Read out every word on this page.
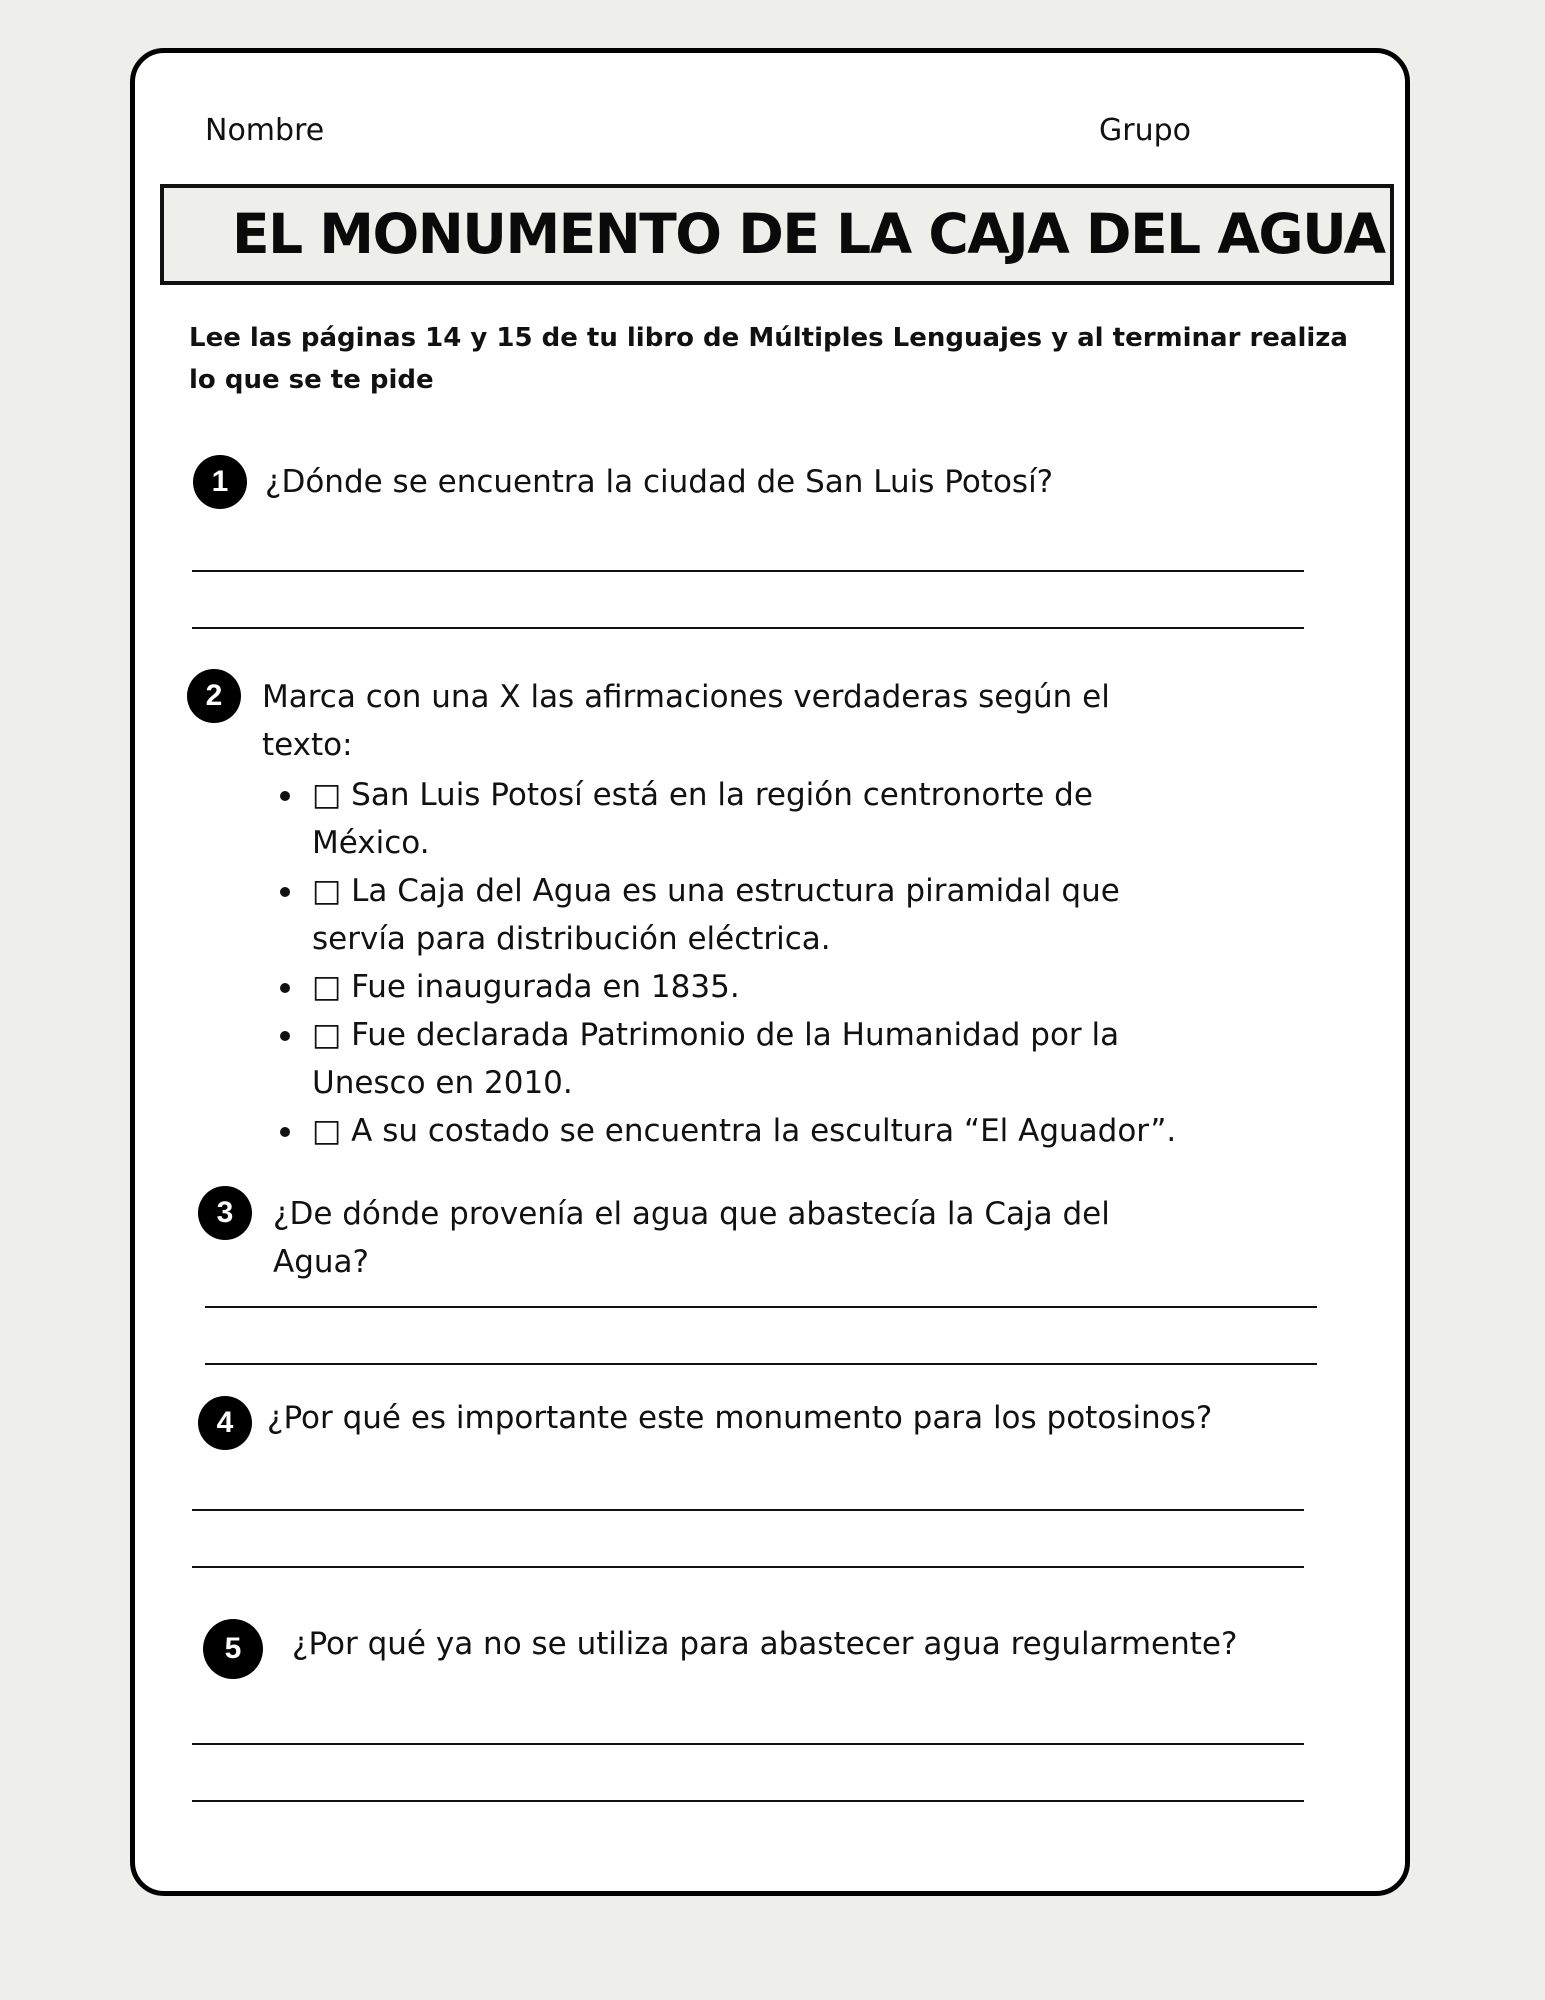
Nombre	Grupo
EL MONUMENTO DE LA CAJA DEL AGUA
Lee las páginas 14 y 15 de tu libro de Múltiples Lenguajes y al terminar realiza lo que se te pide
1	¿Dónde se encuentra la ciudad de San Luis Potosí?
2	Marca con una X las afirmaciones verdaderas según el texto:
□ San Luis Potosí está en la región centronorte de México.
□ La Caja del Agua es una estructura piramidal que servía para distribución eléctrica.
□ Fue inaugurada en 1835.
□ Fue declarada Patrimonio de la Humanidad por la Unesco en 2010.
□ A su costado se encuentra la escultura “El Aguador”.
3	¿De dónde provenía el agua que abastecía la Caja del Agua?
4	¿Por qué es importante este monumento para los potosinos?
5	¿Por qué ya no se utiliza para abastecer agua regularmente?
